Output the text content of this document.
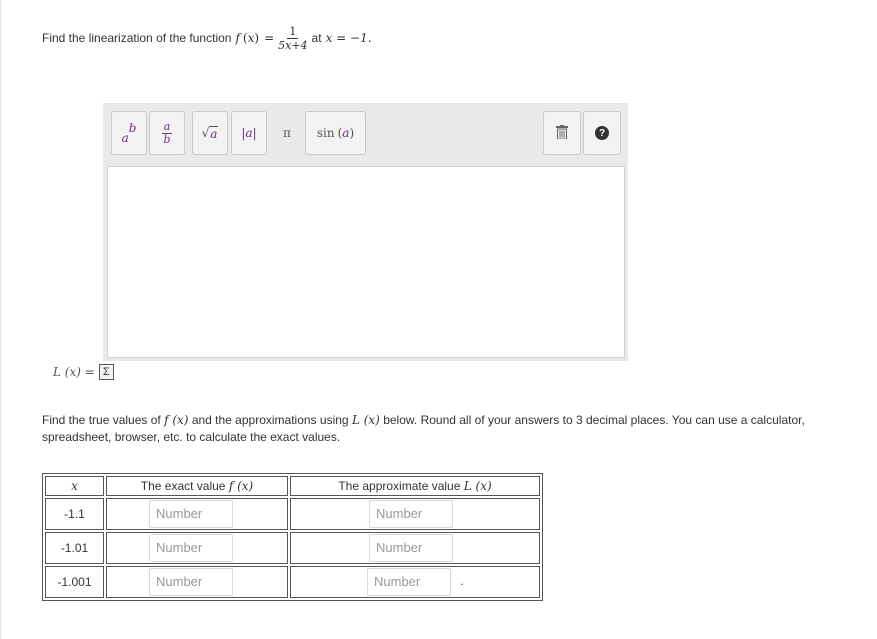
Find the linearization of the function f ( x ) = $\frac{1}{5x+4}$ at x = −1.
a
b a
b	√ a |a| π sin ( a )	?
L (x) = Σ
Find the true values of f (x) and the approximations using L (x) below. Round all of your answers to 3 decimal places. You can use a calculator, spreadsheet, browser, etc. to calculate the exact values.
x	The exact value f (x)	The approximate value L (x)
-1.1	Number	Number
-1.01	Number	Number
-1.001	Number	Number .
